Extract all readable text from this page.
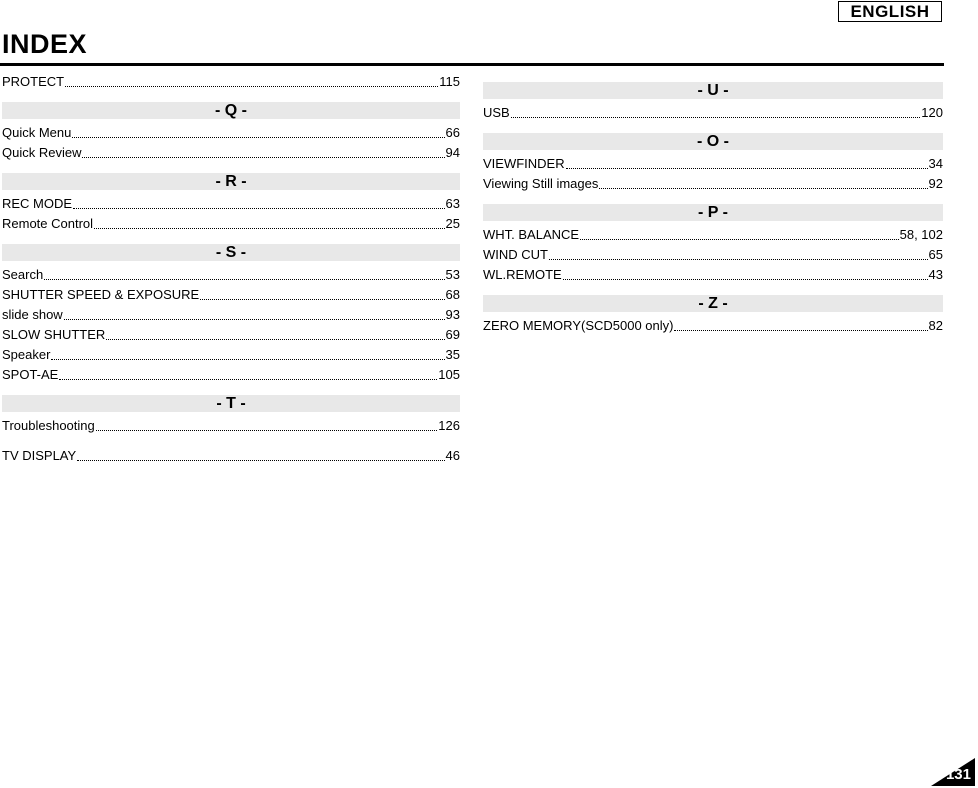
ENGLISH
INDEX
PROTECT	115
- Q -
Quick Menu	66
Quick Review	94
- R -
REC MODE	63
Remote Control	25
- S -
Search	53
SHUTTER SPEED & EXPOSURE	68
slide show	93
SLOW SHUTTER	69
Speaker	35
SPOT-AE	105
- T -
Troubleshooting	126
TV DISPLAY	46
- U -
USB	120
- O -
VIEWFINDER	34
Viewing Still images	92
- P -
WHT. BALANCE	58, 102
WIND CUT	65
WL.REMOTE	43
- Z -
ZERO MEMORY(SCD5000 only)	82
131
